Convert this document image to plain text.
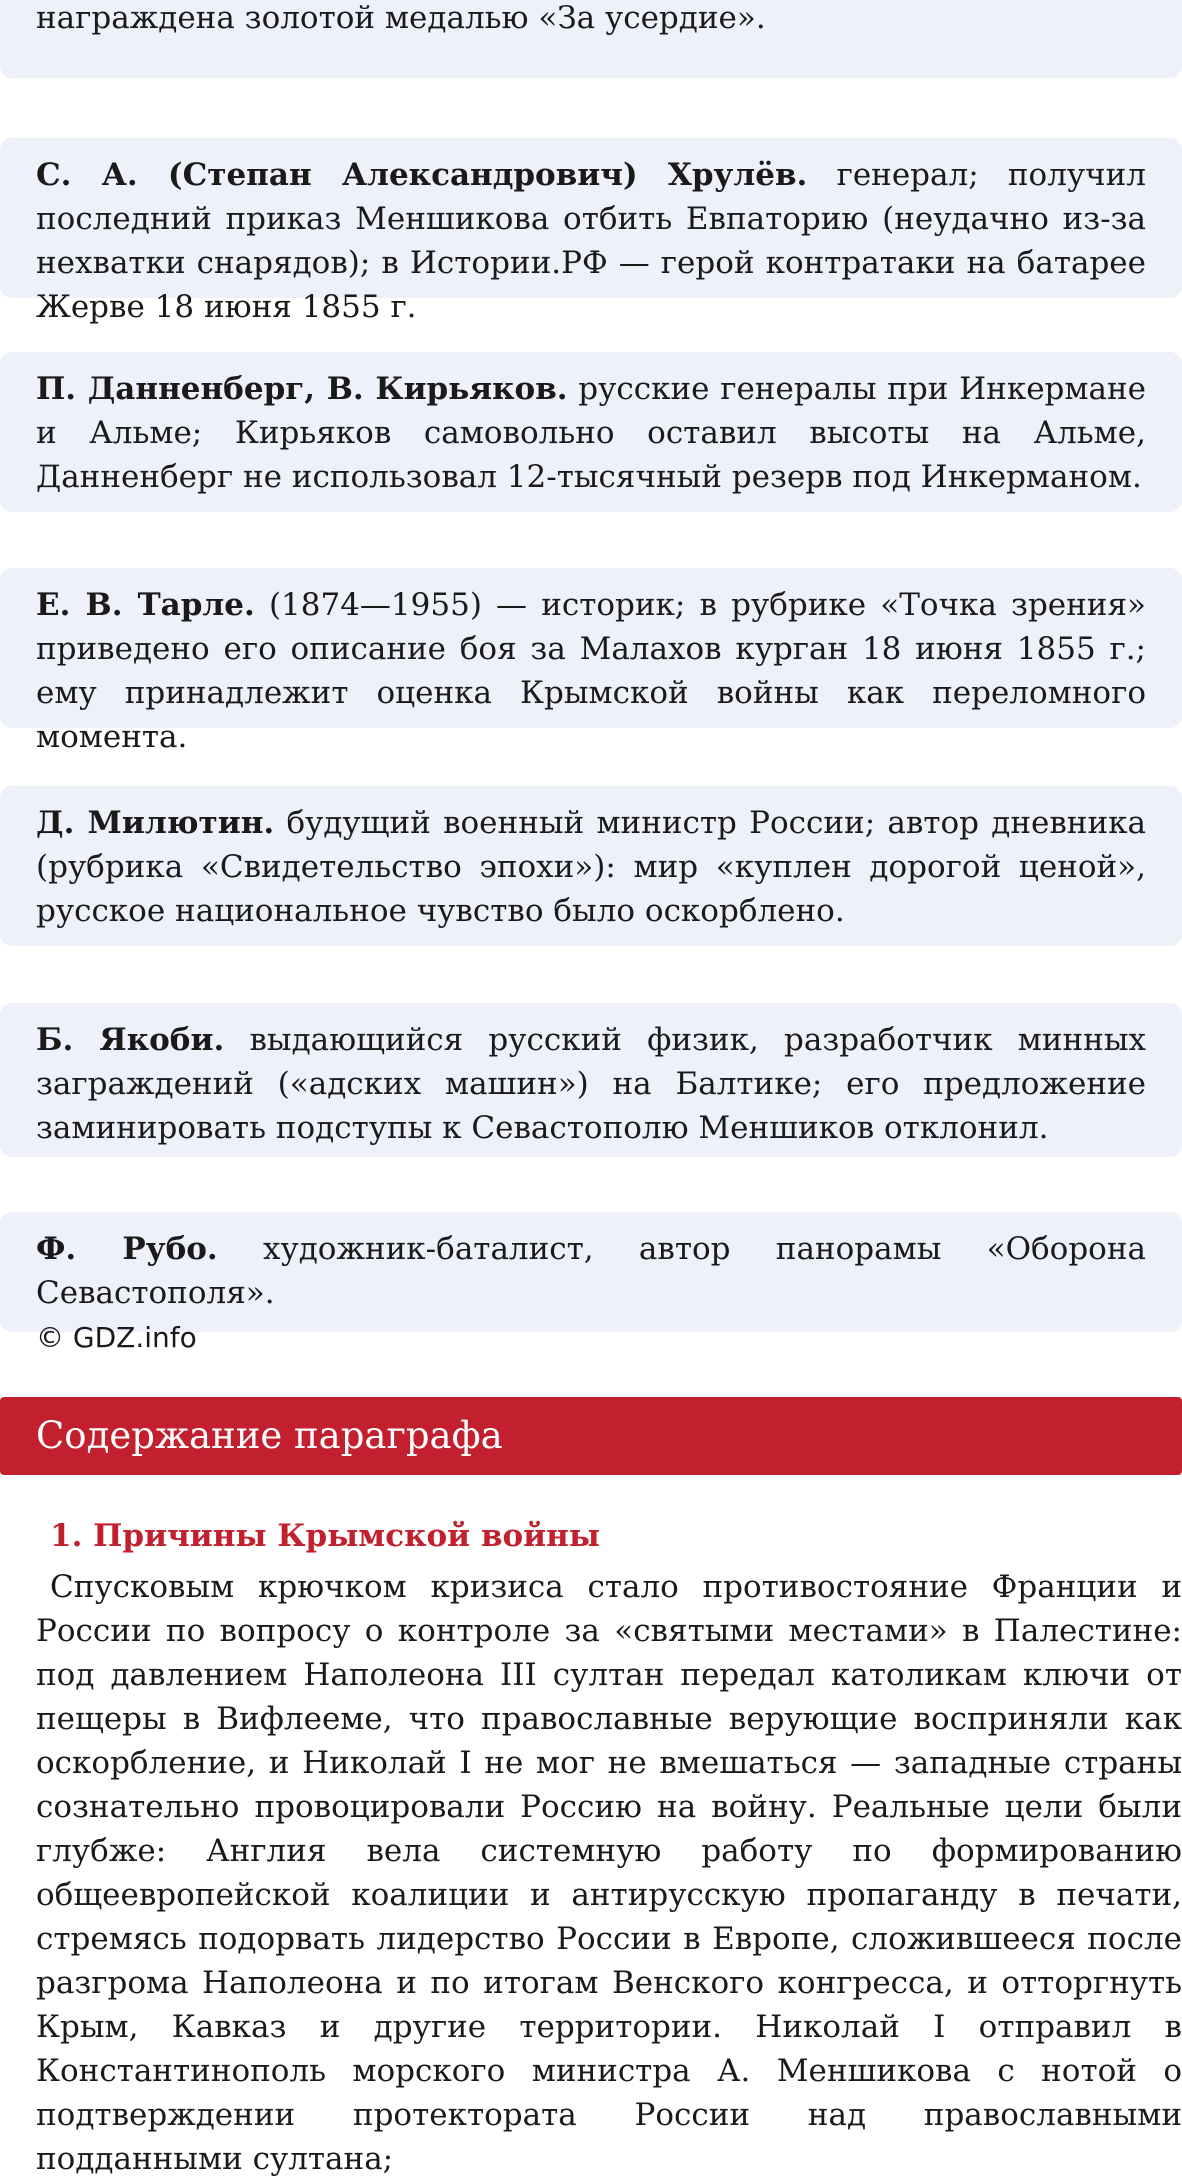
награждена золотой медалью «За усердие».

С. А. (Степан Александрович) Хрулёв. генерал; получил последний приказ Меншикова отбить Евпаторию (неудачно из-за нехватки снарядов); в Истории.РФ — герой контратаки на батарее Жерве 18 июня 1855 г.

П. Данненберг, В. Кирьяков. русские генералы при Инкермане и Альме; Кирьяков самовольно оставил высоты на Альме, Данненберг не использовал 12-тысячный резерв под Инкерманом.

Е. В. Тарле. (1874—1955) — историк; в рубрике «Точка зрения» приведено его описание боя за Малахов курган 18 июня 1855 г.; ему принадлежит оценка Крымской войны как переломного момента.

Д. Милютин. будущий военный министр России; автор дневника (рубрика «Свидетельство эпохи»): мир «куплен дорогой ценой», русское национальное чувство было оскорблено.

Б. Якоби. выдающийся русский физик, разработчик минных заграждений («адских машин») на Балтике; его предложение заминировать подступы к Севастополю Меншиков отклонил.

Ф. Рубо. художник-баталист, автор панорамы «Оборона Севастополя».
© GDZ.info

Содержание параграфа
1. Причины Крымской войны

Спусковым крючком кризиса стало противостояние Франции и России по вопросу о контроле за «святыми местами» в Палестине: под давлением Наполеона III султан передал католикам ключи от пещеры в Вифлееме, что православные верующие восприняли как оскорбление, и Николай I не мог не вмешаться — западные страны сознательно провоцировали Россию на войну. Реальные цели были глубже: Англия вела системную работу по формированию общеевропейской коалиции и антирусскую пропаганду в печати, стремясь подорвать лидерство России в Европе, сложившееся после разгрома Наполеона и по итогам Венского конгресса, и отторгнуть Крым, Кавказ и другие территории. Николай I отправил в Константинополь морского министра А. Меншикова с нотой о подтверждении протектората России над православными подданными султана;
